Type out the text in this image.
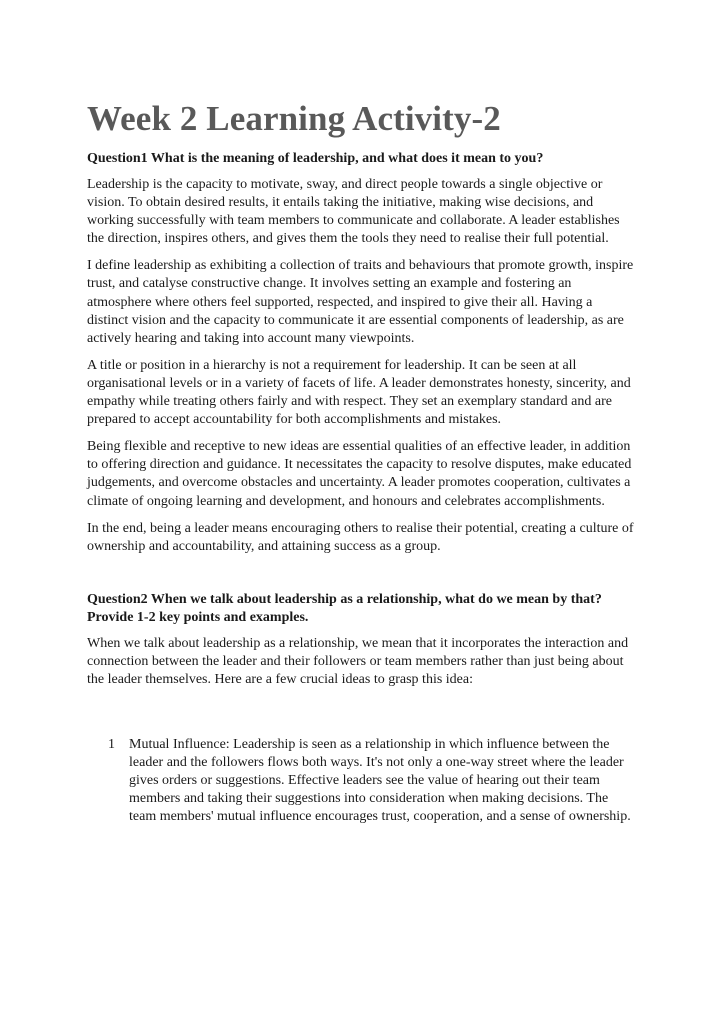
Week 2 Learning Activity-2

Question1 What is the meaning of leadership, and what does it mean to you?

Leadership is the capacity to motivate, sway, and direct people towards a single objective or vision. To obtain desired results, it entails taking the initiative, making wise decisions, and working successfully with team members to communicate and collaborate. A leader establishes the direction, inspires others, and gives them the tools they need to realise their full potential.

I define leadership as exhibiting a collection of traits and behaviours that promote growth, inspire trust, and catalyse constructive change. It involves setting an example and fostering an atmosphere where others feel supported, respected, and inspired to give their all. Having a distinct vision and the capacity to communicate it are essential components of leadership, as are actively hearing and taking into account many viewpoints.

A title or position in a hierarchy is not a requirement for leadership. It can be seen at all organisational levels or in a variety of facets of life. A leader demonstrates honesty, sincerity, and empathy while treating others fairly and with respect. They set an exemplary standard and are prepared to accept accountability for both accomplishments and mistakes.

Being flexible and receptive to new ideas are essential qualities of an effective leader, in addition to offering direction and guidance. It necessitates the capacity to resolve disputes, make educated judgements, and overcome obstacles and uncertainty. A leader promotes cooperation, cultivates a climate of ongoing learning and development, and honours and celebrates accomplishments.

In the end, being a leader means encouraging others to realise their potential, creating a culture of ownership and accountability, and attaining success as a group.

Question2 When we talk about leadership as a relationship, what do we mean by that? Provide 1-2 key points and examples.

When we talk about leadership as a relationship, we mean that it incorporates the interaction and connection between the leader and their followers or team members rather than just being about the leader themselves. Here are a few crucial ideas to grasp this idea:

1	Mutual Influence: Leadership is seen as a relationship in which influence between the leader and the followers flows both ways. It's not only a one-way street where the leader gives orders or suggestions. Effective leaders see the value of hearing out their team members and taking their suggestions into consideration when making decisions. The team members' mutual influence encourages trust, cooperation, and a sense of ownership.
